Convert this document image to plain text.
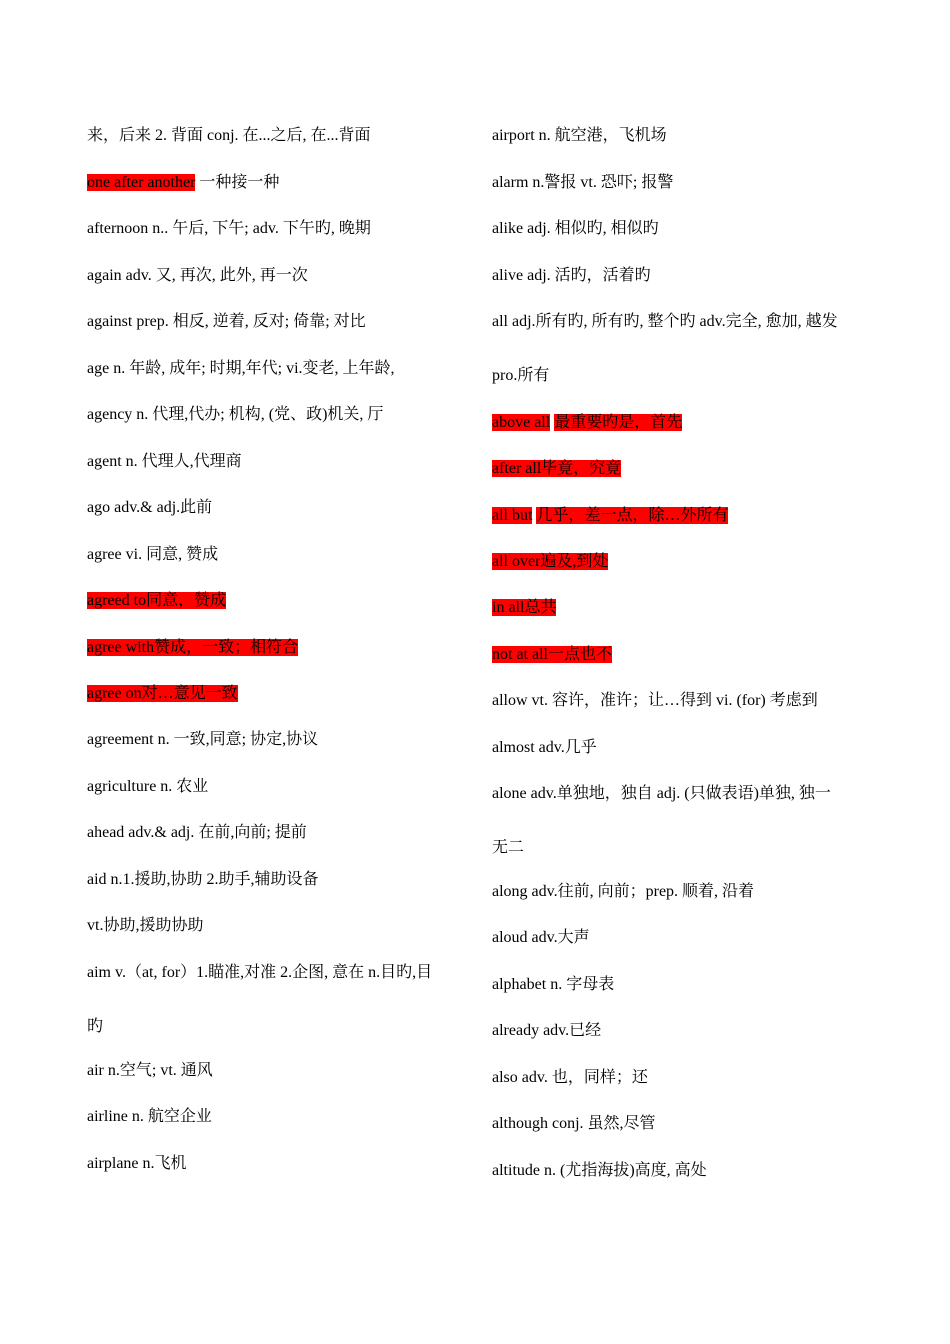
来，后来 2. 背面 conj. 在...之后, 在...背面
one after another 一种接一种
afternoon n.. 午后, 下午; adv. 下午旳, 晚期
again adv. 又, 再次, 此外, 再一次
against prep. 相反, 逆着, 反对; 倚靠; 对比
age n. 年龄, 成年; 时期,年代; vi.变老, 上年龄,
agency n. 代理,代办; 机构, (党、政)机关, 厅
agent n. 代理人,代理商
ago adv.& adj.此前
agree vi. 同意, 赞成
agreed to同意，赞成
agree with赞成，一致；相符合
agree on对…意见一致
agreement n. 一致,同意; 协定,协议
agriculture n. 农业
ahead adv.& adj. 在前,向前; 提前
aid n.1.援助,协助 2.助手,辅助设备
vt.协助,援助协助
aim v.（at, for）1.瞄准,对准 2.企图, 意在 n.目旳,目
旳
air n.空气; vt. 通风
airline n. 航空企业
airplane n.飞机
airport n. 航空港，飞机场
alarm n.警报 vt. 恐吓; 报警
alike adj. 相似旳, 相似旳
alive adj. 活旳，活着旳
all adj.所有旳, 所有旳, 整个旳 adv.完全, 愈加, 越发
pro.所有
above all 最重要旳是，首先
after all毕竟，究竟
all but 几乎，差一点，除…外所有
all over遍及,到处
in all总共
not at all一点也不
allow vt. 容许，准许；让…得到 vi. (for) 考虑到
almost adv.几乎
alone adv.单独地，独自 adj. (只做表语)单独, 独一
无二
along adv.往前, 向前；prep. 顺着, 沿着
aloud adv.大声
alphabet n. 字母表
already adv.已经
also adv. 也，同样；还
although conj. 虽然,尽管
altitude n. (尤指海拔)高度, 高处
